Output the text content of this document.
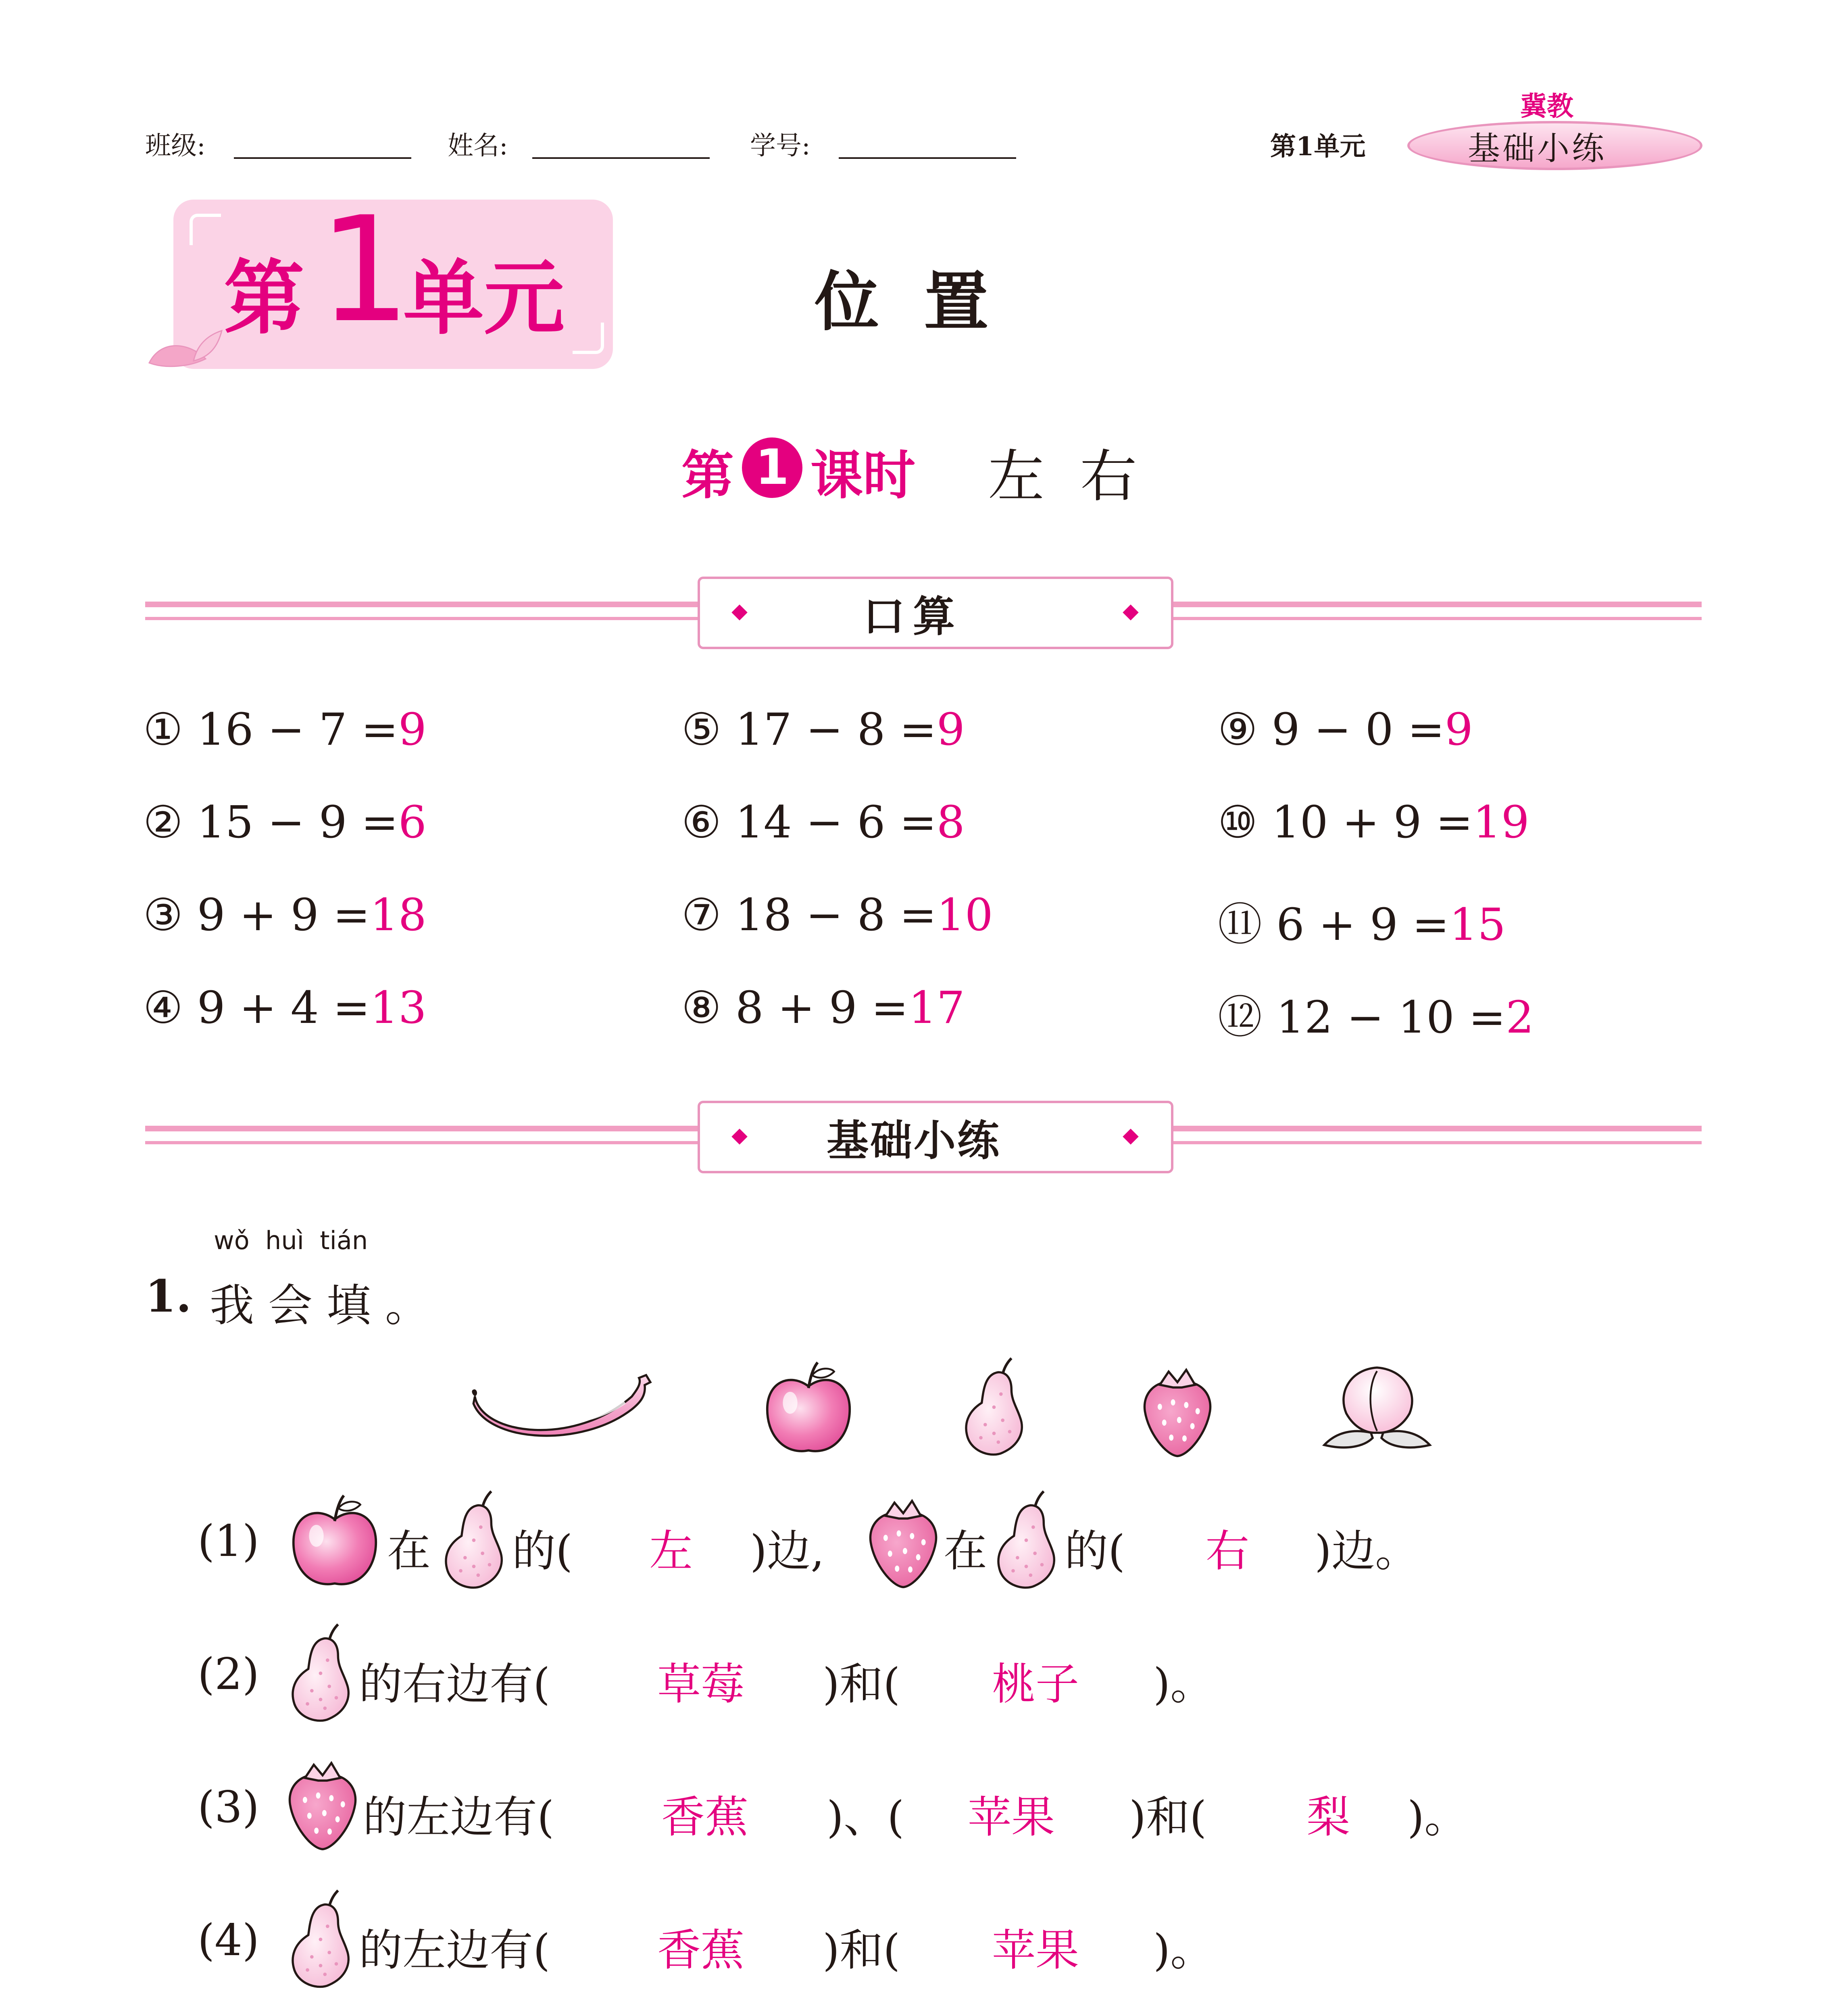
班级:	姓名:	学号:	第1单元
冀教
基础小练
第 1
单元	位  置
第 1 课时 左  右
口算
① 16 − 7 =9
② 15 − 9 =6
③ 9 + 9 =18
④ 9 + 4 =13
⑤ 17 − 8 =9
⑥ 14 − 6 =8
⑦ 18 − 8 =10
⑧ 8 + 9 =17
⑨ 9 − 0 =9
⑩ 10 + 9 =19
⑪ 6 + 9 =15
⑫ 12 − 10 =2
基础小练
wǒ  huì  tián
1. 我 会 填 。
(1)	在 的( 左 )边,	在 的( 右 )边。
(2) 的右边有( 草莓 )和( 桃子 )。
(3) 的左边有( 香蕉 )、( 苹果 )和( 梨 )。
(4) 的左边有( 香蕉 )和( 苹果 )。
